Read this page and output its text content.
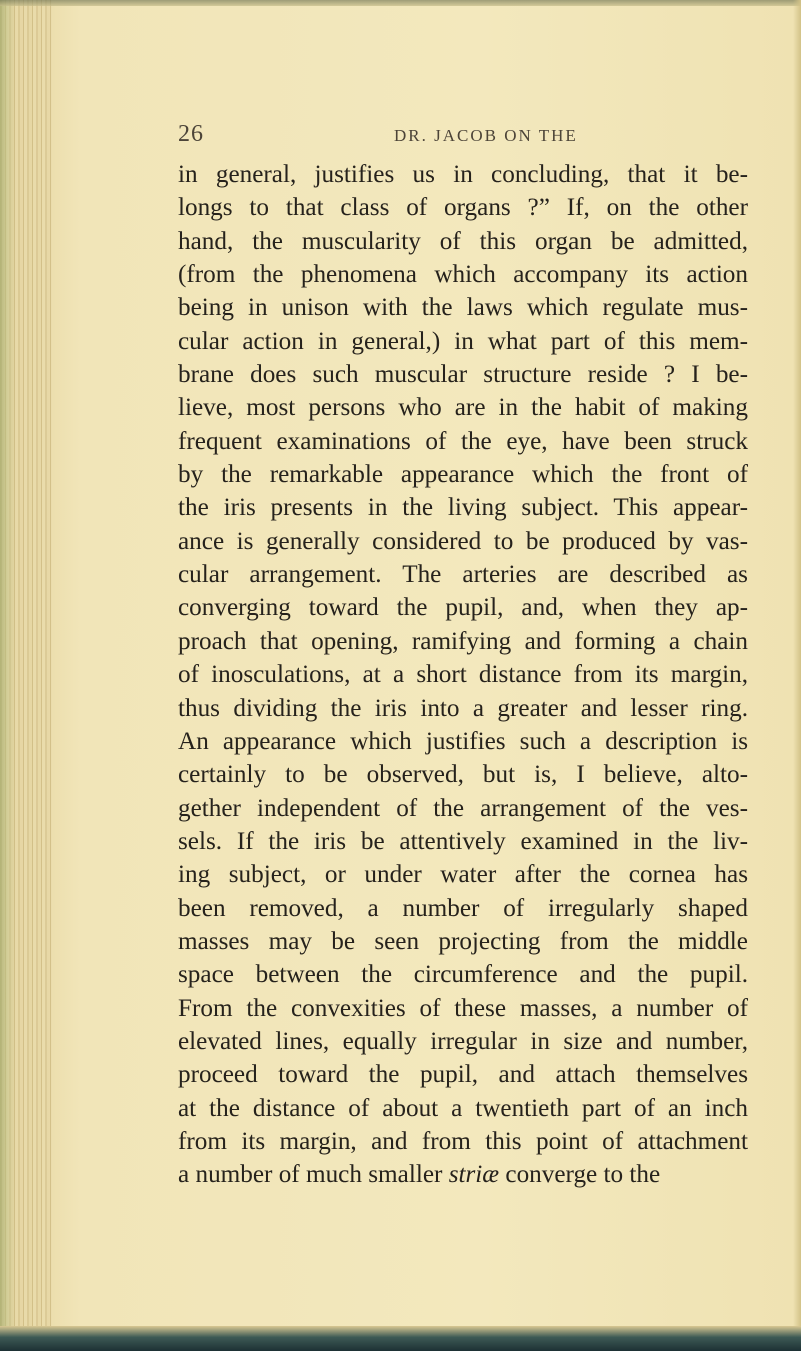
26	DR. JACOB ON THE
in general, justifies us in concluding, that it be-
longs to that class of organs ?” If, on the other
hand, the muscularity of this organ be admitted,
(from the phenomena which accompany its action
being in unison with the laws which regulate mus-
cular action in general,) in what part of this mem-
brane does such muscular structure reside ? I be-
lieve, most persons who are in the habit of making
frequent examinations of the eye, have been struck
by the remarkable appearance which the front of
the iris presents in the living subject. This appear-
ance is generally considered to be produced by vas-
cular arrangement. The arteries are described as
converging toward the pupil, and, when they ap-
proach that opening, ramifying and forming a chain
of inosculations, at a short distance from its margin,
thus dividing the iris into a greater and lesser ring.
An appearance which justifies such a description is
certainly to be observed, but is, I believe, alto-
gether independent of the arrangement of the ves-
sels. If the iris be attentively examined in the liv-
ing subject, or under water after the cornea has
been removed, a number of irregularly shaped
masses may be seen projecting from the middle
space between the circumference and the pupil.
From the convexities of these masses, a number of
elevated lines, equally irregular in size and number,
proceed toward the pupil, and attach themselves
at the distance of about a twentieth part of an inch
from its margin, and from this point of attachment
a number of much smaller striæ converge to the
